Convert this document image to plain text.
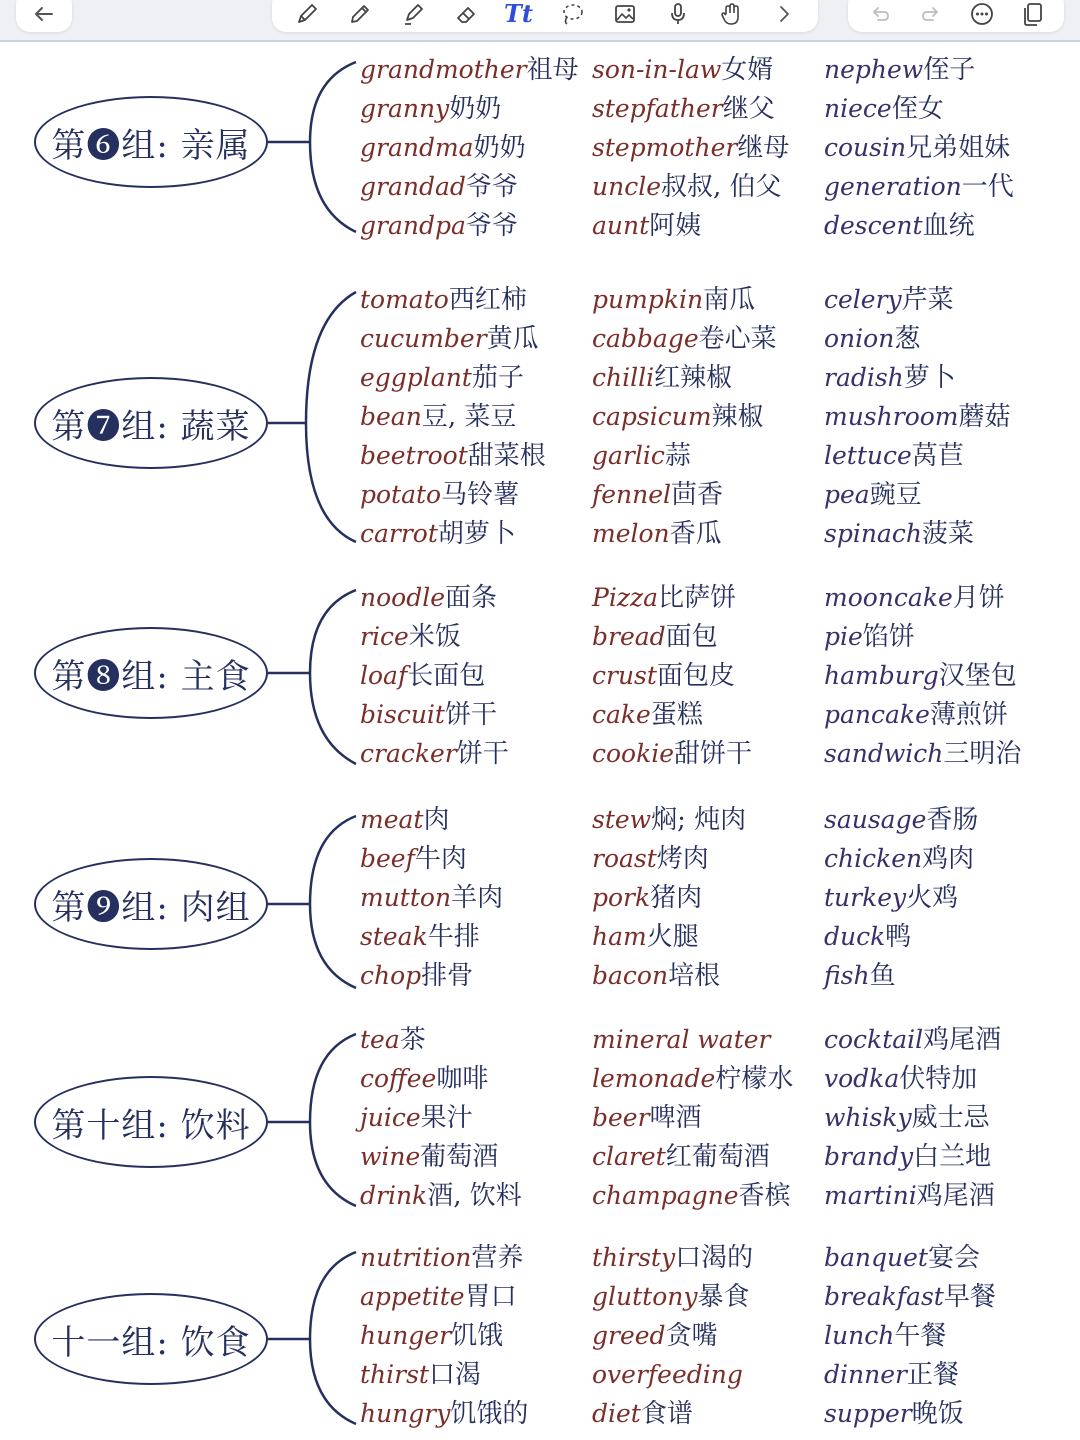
Tt
第❻组: 亲属
grandmother祖母
granny奶奶
grandma奶奶
grandad爷爷
grandpa爷爷
son-in-law女婿
stepfather继父
stepmother继母
uncle叔叔, 伯父
aunt阿姨
nephew侄子
niece侄女
cousin兄弟姐妹
generation一代
descent血统
第❼组: 蔬菜
tomato西红柿
cucumber黄瓜
eggplant茄子
bean豆, 菜豆
beetroot甜菜根
potato马铃薯
carrot胡萝卜
pumpkin南瓜
cabbage卷心菜
chilli红辣椒
capsicum辣椒
garlic蒜
fennel茴香
melon香瓜
celery芹菜
onion葱
radish萝卜
mushroom蘑菇
lettuce莴苣
pea豌豆
spinach菠菜
第❽组: 主食
noodle面条
rice米饭
loaf长面包
biscuit饼干
cracker饼干
Pizza比萨饼
bread面包
crust面包皮
cake蛋糕
cookie甜饼干
mooncake月饼
pie馅饼
hamburg汉堡包
pancake薄煎饼
sandwich三明治
第❾组: 肉组
meat肉
beef牛肉
mutton羊肉
steak牛排
chop排骨
stew焖; 炖肉
roast烤肉
pork猪肉
ham火腿
bacon培根
sausage香肠
chicken鸡肉
turkey火鸡
duck鸭
fish鱼
第十组: 饮料
tea茶
coffee咖啡
juice果汁
wine葡萄酒
drink酒, 饮料
mineral water
lemonade柠檬水
beer啤酒
claret红葡萄酒
champagne香槟
cocktail鸡尾酒
vodka伏特加
whisky威士忌
brandy白兰地
martini鸡尾酒
十一组: 饮食
nutrition营养
appetite胃口
hunger饥饿
thirst口渴
hungry饥饿的
thirsty口渴的
gluttony暴食
greed贪嘴
overfeeding
diet食谱
banquet宴会
breakfast早餐
lunch午餐
dinner正餐
supper晚饭
